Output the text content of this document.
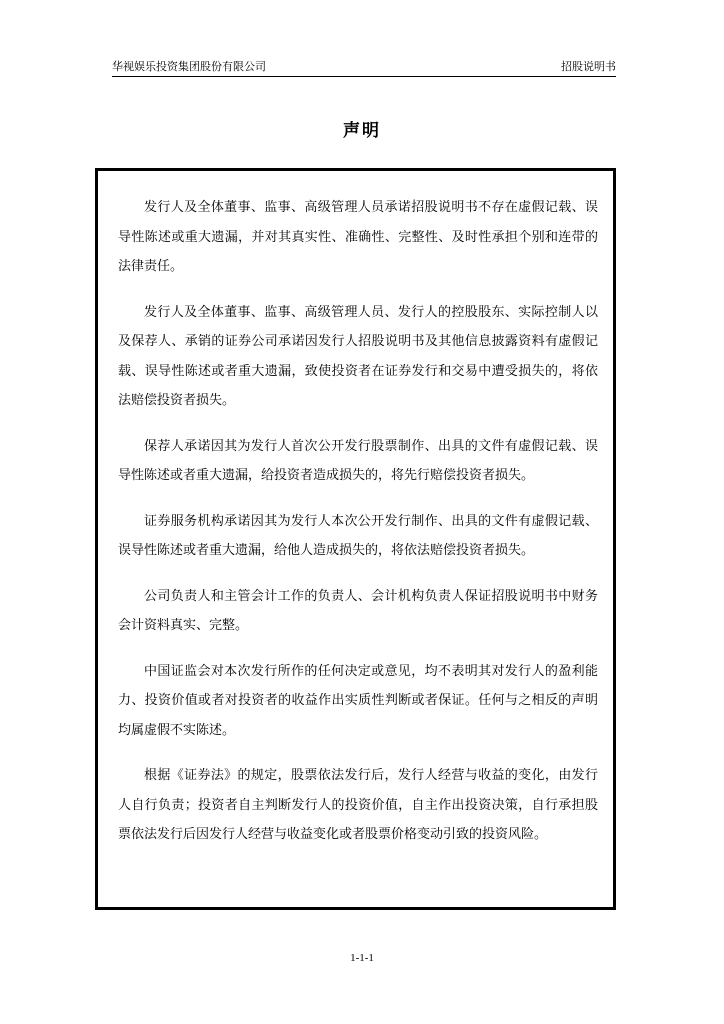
华视娱乐投资集团股份有限公司	招股说明书
声明

发行人及全体董事、监事、高级管理人员承诺招股说明书不存在虚假记载、误导性陈述或重大遗漏，并对其真实性、准确性、完整性、及时性承担个别和连带的法律责任。

发行人及全体董事、监事、高级管理人员、发行人的控股股东、实际控制人以及保荐人、承销的证券公司承诺因发行人招股说明书及其他信息披露资料有虚假记载、误导性陈述或者重大遗漏，致使投资者在证券发行和交易中遭受损失的，将依法赔偿投资者损失。

保荐人承诺因其为发行人首次公开发行股票制作、出具的文件有虚假记载、误导性陈述或者重大遗漏，给投资者造成损失的，将先行赔偿投资者损失。

证券服务机构承诺因其为发行人本次公开发行制作、出具的文件有虚假记载、误导性陈述或者重大遗漏，给他人造成损失的，将依法赔偿投资者损失。

公司负责人和主管会计工作的负责人、会计机构负责人保证招股说明书中财务会计资料真实、完整。

中国证监会对本次发行所作的任何决定或意见，均不表明其对发行人的盈利能力、投资价值或者对投资者的收益作出实质性判断或者保证。任何与之相反的声明均属虚假不实陈述。

根据《证券法》的规定，股票依法发行后，发行人经营与收益的变化，由发行人自行负责；投资者自主判断发行人的投资价值，自主作出投资决策，自行承担股票依法发行后因发行人经营与收益变化或者股票价格变动引致的投资风险。

1-1-1
